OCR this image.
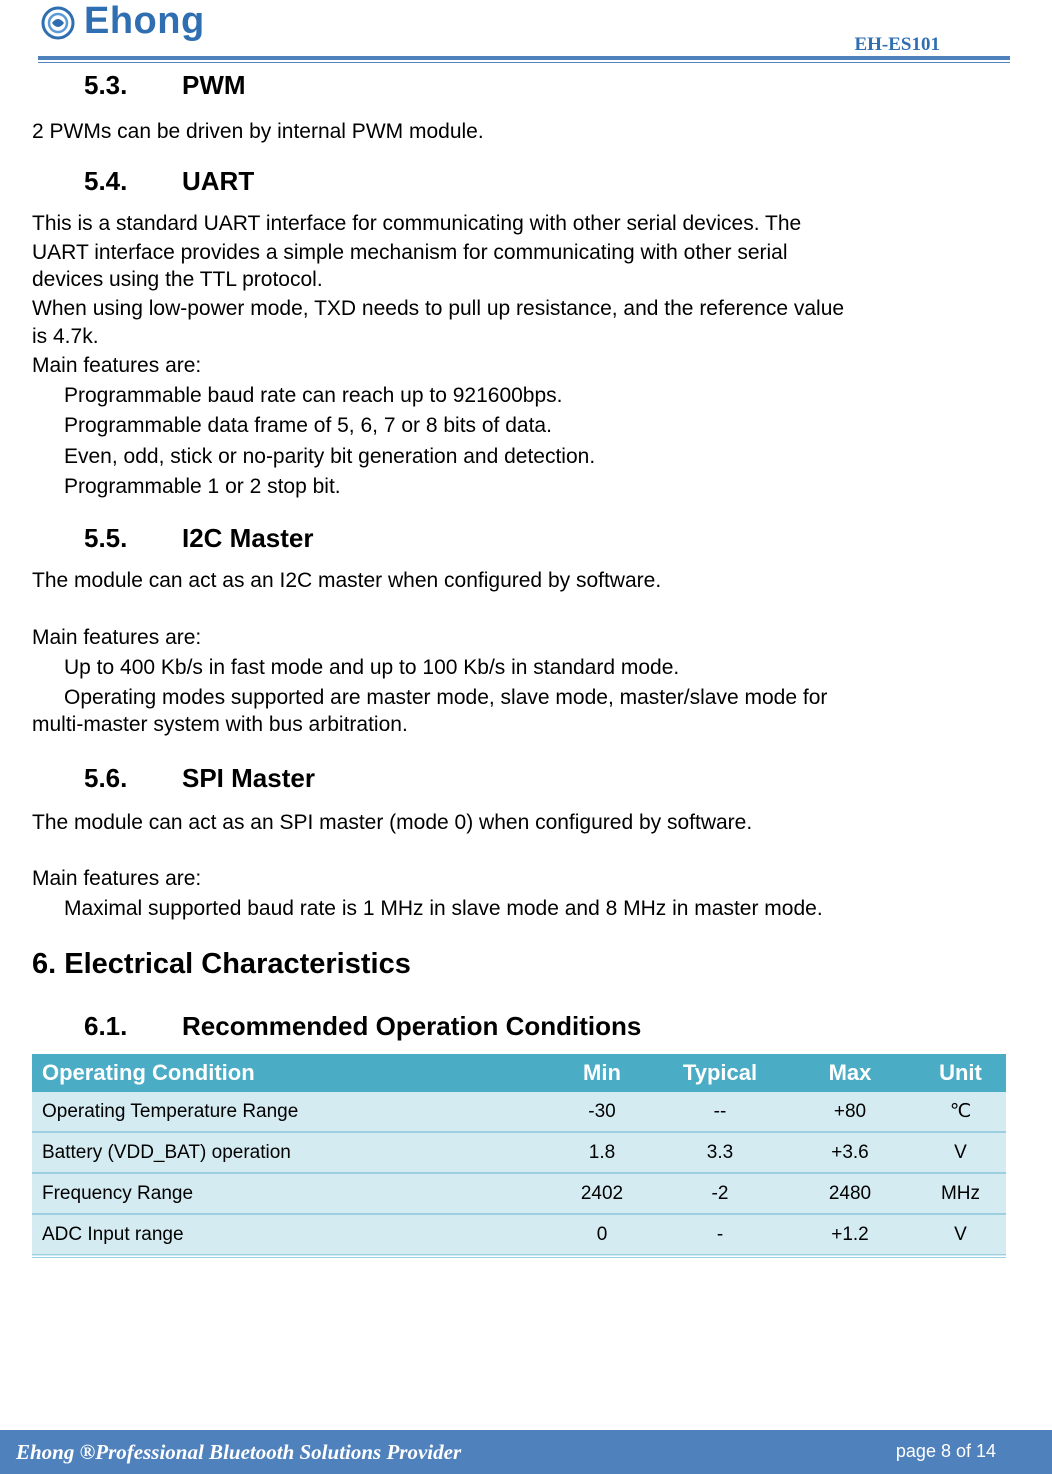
Ehong
EH-ES101
5.3. PWM
2 PWMs can be driven by internal PWM module.
5.4. UART
This is a standard UART interface for communicating with other serial devices. The
UART interface provides a simple mechanism for communicating with other serial
devices using the TTL protocol.
When using low-power mode, TXD needs to pull up resistance, and the reference value
is 4.7k.
Main features are:
Programmable baud rate can reach up to 921600bps.
Programmable data frame of 5, 6, 7 or 8 bits of data.
Even, odd, stick or no-parity bit generation and detection.
Programmable 1 or 2 stop bit.
5.5. I2C Master
The module can act as an I2C master when configured by software.
Main features are:
Up to 400 Kb/s in fast mode and up to 100 Kb/s in standard mode.
Operating modes supported are master mode, slave mode, master/slave mode for
multi-master system with bus arbitration.
5.6. SPI Master
The module can act as an SPI master (mode 0) when configured by software.
Main features are:
Maximal supported baud rate is 1 MHz in slave mode and 8 MHz in master mode.
6. Electrical Characteristics
6.1. Recommended Operation Conditions
Operating Condition	Min	Typical	Max	Unit
Operating Temperature Range	-30	--	+80	℃
Battery (VDD_BAT) operation	1.8	3.3	+3.6	V
Frequency Range	2402	-2	2480	MHz
ADC Input range	0	-	+1.2	V
Ehong ®Professional Bluetooth Solutions Provider	page 8 of 14
